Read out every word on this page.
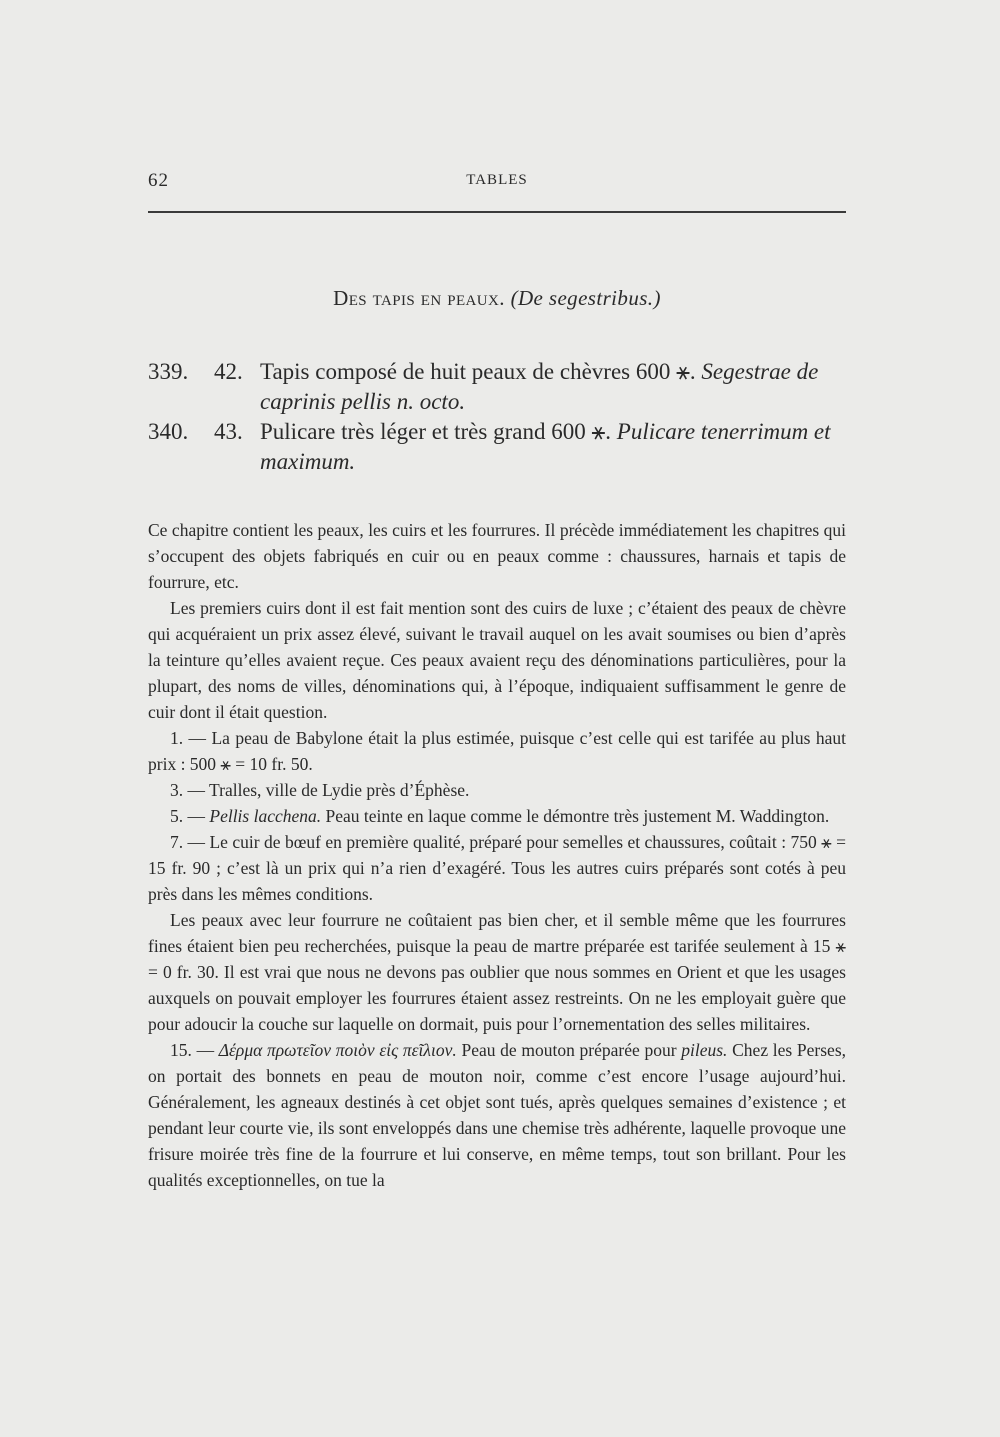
62	TABLES
Des tapis en peaux. (De segestribus.)
339.	42. Tapis composé de huit peaux de chèvres 600 ⚹. Segestrae de caprinis pellis n. octo.
340.	43. Pulicare très léger et très grand 600 ⚹. Pulicare tenerrimum et maximum.

Ce chapitre contient les peaux, les cuirs et les fourrures. Il précède immédiatement les chapitres qui s’occupent des objets fabriqués en cuir ou en peaux comme : chaussures, harnais et tapis de fourrure, etc.

Les premiers cuirs dont il est fait mention sont des cuirs de luxe ; c’étaient des peaux de chèvre qui acquéraient un prix assez élevé, suivant le travail auquel on les avait soumises ou bien d’après la teinture qu’elles avaient reçue. Ces peaux avaient reçu des dénominations particulières, pour la plupart, des noms de villes, dénominations qui, à l’époque, indiquaient suffisamment le genre de cuir dont il était question.

1. — La peau de Babylone était la plus estimée, puisque c’est celle qui est tarifée au plus haut prix : 500 ⚹ = 10 fr. 50.

3. — Tralles, ville de Lydie près d’Éphèse.

5. — Pellis lacchena. Peau teinte en laque comme le démontre très justement M. Waddington.

7. — Le cuir de bœuf en première qualité, préparé pour semelles et chaussures, coûtait : 750 ⚹ = 15 fr. 90 ; c’est là un prix qui n’a rien d’exagéré. Tous les autres cuirs préparés sont cotés à peu près dans les mêmes conditions.

Les peaux avec leur fourrure ne coûtaient pas bien cher, et il semble même que les fourrures fines étaient bien peu recherchées, puisque la peau de martre préparée est tarifée seulement à 15 ⚹ = 0 fr. 30. Il est vrai que nous ne devons pas oublier que nous sommes en Orient et que les usages auxquels on pouvait employer les fourrures étaient assez restreints. On ne les employait guère que pour adoucir la couche sur laquelle on dormait, puis pour l’ornementation des selles militaires.

15. — Δέρμα πρωτεῖον ποιὸν εἰς πεῖλιον. Peau de mouton préparée pour pileus. Chez les Perses, on portait des bonnets en peau de mouton noir, comme c’est encore l’usage aujourd’hui. Généralement, les agneaux destinés à cet objet sont tués, après quelques semaines d’existence ; et pendant leur courte vie, ils sont enveloppés dans une chemise très adhérente, laquelle provoque une frisure moirée très fine de la fourrure et lui conserve, en même temps, tout son brillant. Pour les qualités exceptionnelles, on tue la
